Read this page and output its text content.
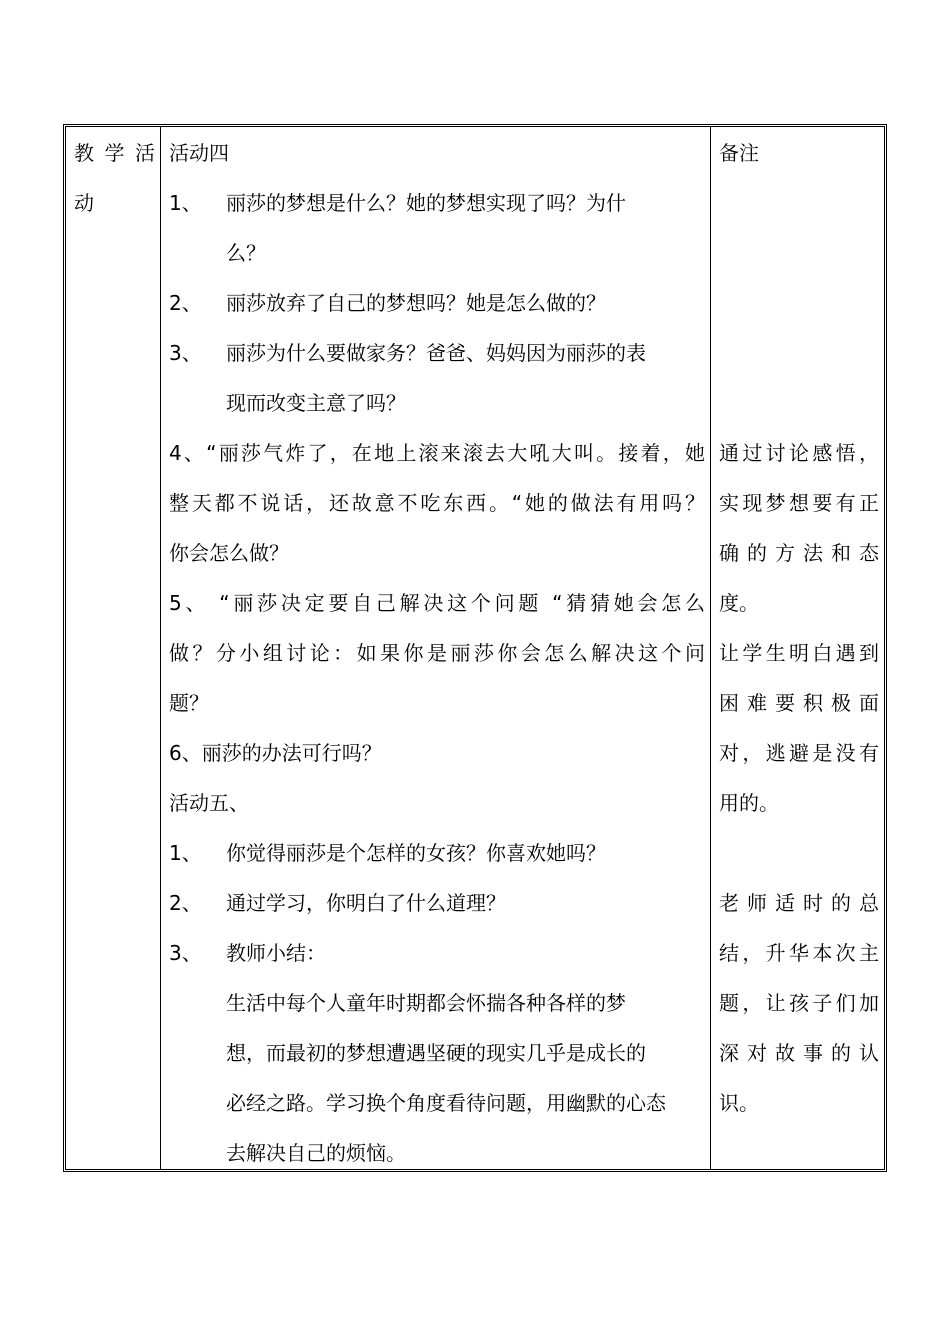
教学活
动
活动四
1、 丽莎的梦想是什么？她的梦想实现了吗？为什
么？
2、 丽莎放弃了自己的梦想吗？她是怎么做的？
3、 丽莎为什么要做家务？爸爸、妈妈因为丽莎的表
现而改变主意了吗？
4、“丽莎气炸了，在地上滚来滚去大吼大叫。接着，她
整天都不说话，还故意不吃东西。“她的做法有用吗？
你会怎么做？
5、 “丽莎决定要自己解决这个问题 “猜猜她会怎么
做？分小组讨论：如果你是丽莎你会怎么解决这个问
题？
6、丽莎的办法可行吗？
活动五、
1、 你觉得丽莎是个怎样的女孩？你喜欢她吗？
2、 通过学习，你明白了什么道理？
3、 教师小结：
生活中每个人童年时期都会怀揣各种各样的梦
想，而最初的梦想遭遇坚硬的现实几乎是成长的
必经之路。学习换个角度看待问题，用幽默的心态
去解决自己的烦恼。
备注
通过讨论感悟，
实现梦想要有正
确的方法和态
度。
让学生明白遇到
困难要积极面
对，逃避是没有
用的。
老师适时的总
结，升华本次主
题，让孩子们加
深对故事的认
识。
